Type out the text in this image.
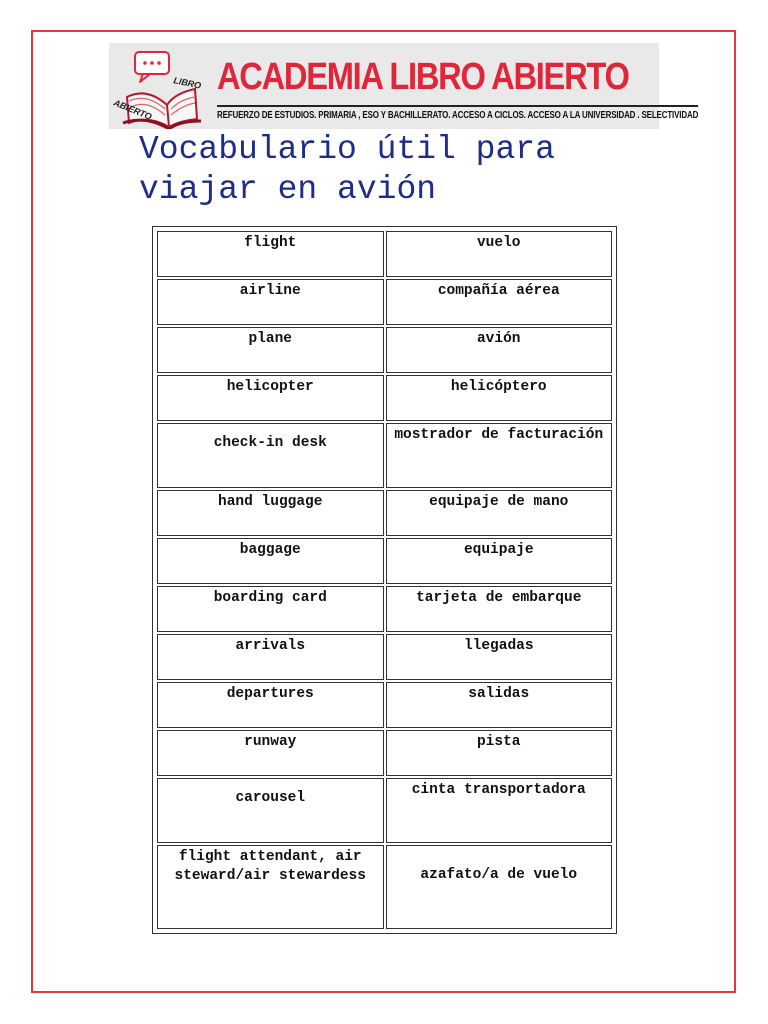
LIBRO
ABIERTO
ACADEMIA LIBRO ABIERTO
REFUERZO DE ESTUDIOS. PRIMARIA , ESO Y BACHILLERATO. ACCESO A CICLOS. ACCESO A LA UNIVERSIDAD . SELECTIVIDAD
Vocabulario útil para
viajar en avión
flight	vuelo
airline	compañía aérea
plane	avión
helicopter	helicóptero
check-in desk	mostrador de facturación
hand luggage	equipaje de mano
baggage	equipaje
boarding card	tarjeta de embarque
arrivals	llegadas
departures	salidas
runway	pista
carousel	cinta transportadora
flight attendant, air steward/air stewardess	azafato/a de vuelo
